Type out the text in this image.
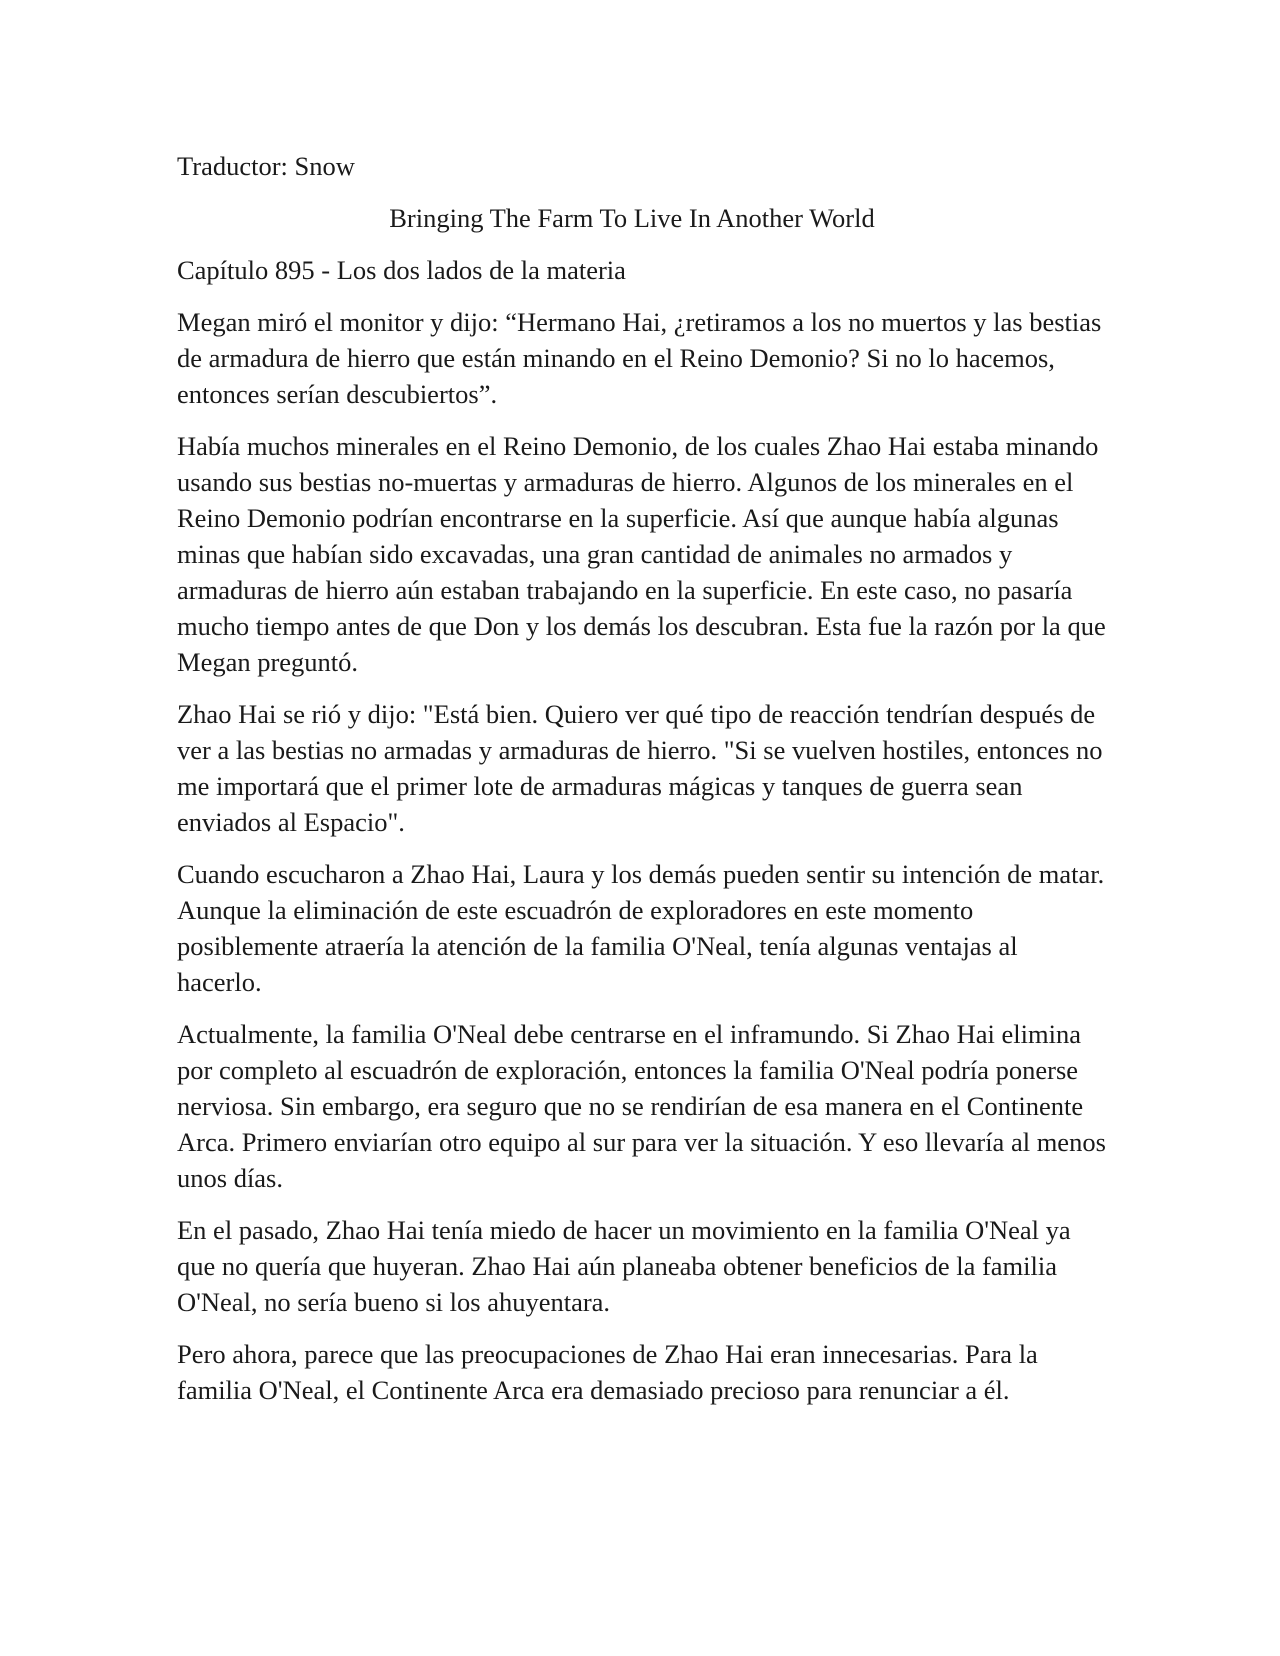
Traductor: Snow

Bringing The Farm To Live In Another World

Capítulo 895 - Los dos lados de la materia

Megan miró el monitor y dijo: “Hermano Hai, ¿retiramos a los no muertos y las bestias de armadura de hierro que están minando en el Reino Demonio? Si no lo hacemos, entonces serían descubiertos”.

Había muchos minerales en el Reino Demonio, de los cuales Zhao Hai estaba minando usando sus bestias no-muertas y armaduras de hierro. Algunos de los minerales en el Reino Demonio podrían encontrarse en la superficie. Así que aunque había algunas minas que habían sido excavadas, una gran cantidad de animales no armados y armaduras de hierro aún estaban trabajando en la superficie. En este caso, no pasaría mucho tiempo antes de que Don y los demás los descubran. Esta fue la razón por la que Megan preguntó.

Zhao Hai se rió y dijo: "Está bien. Quiero ver qué tipo de reacción tendrían después de ver a las bestias no armadas y armaduras de hierro. "Si se vuelven hostiles, entonces no me importará que el primer lote de armaduras mágicas y tanques de guerra sean enviados al Espacio".

Cuando escucharon a Zhao Hai, Laura y los demás pueden sentir su intención de matar. Aunque la eliminación de este escuadrón de exploradores en este momento posiblemente atraería la atención de la familia O'Neal, tenía algunas ventajas al hacerlo.

Actualmente, la familia O'Neal debe centrarse en el inframundo. Si Zhao Hai elimina por completo al escuadrón de exploración, entonces la familia O'Neal podría ponerse nerviosa. Sin embargo, era seguro que no se rendirían de esa manera en el Continente Arca. Primero enviarían otro equipo al sur para ver la situación. Y eso llevaría al menos unos días.

En el pasado, Zhao Hai tenía miedo de hacer un movimiento en la familia O'Neal ya que no quería que huyeran. Zhao Hai aún planeaba obtener beneficios de la familia O'Neal, no sería bueno si los ahuyentara.

Pero ahora, parece que las preocupaciones de Zhao Hai eran innecesarias. Para la familia O'Neal, el Continente Arca era demasiado precioso para renunciar a él.
